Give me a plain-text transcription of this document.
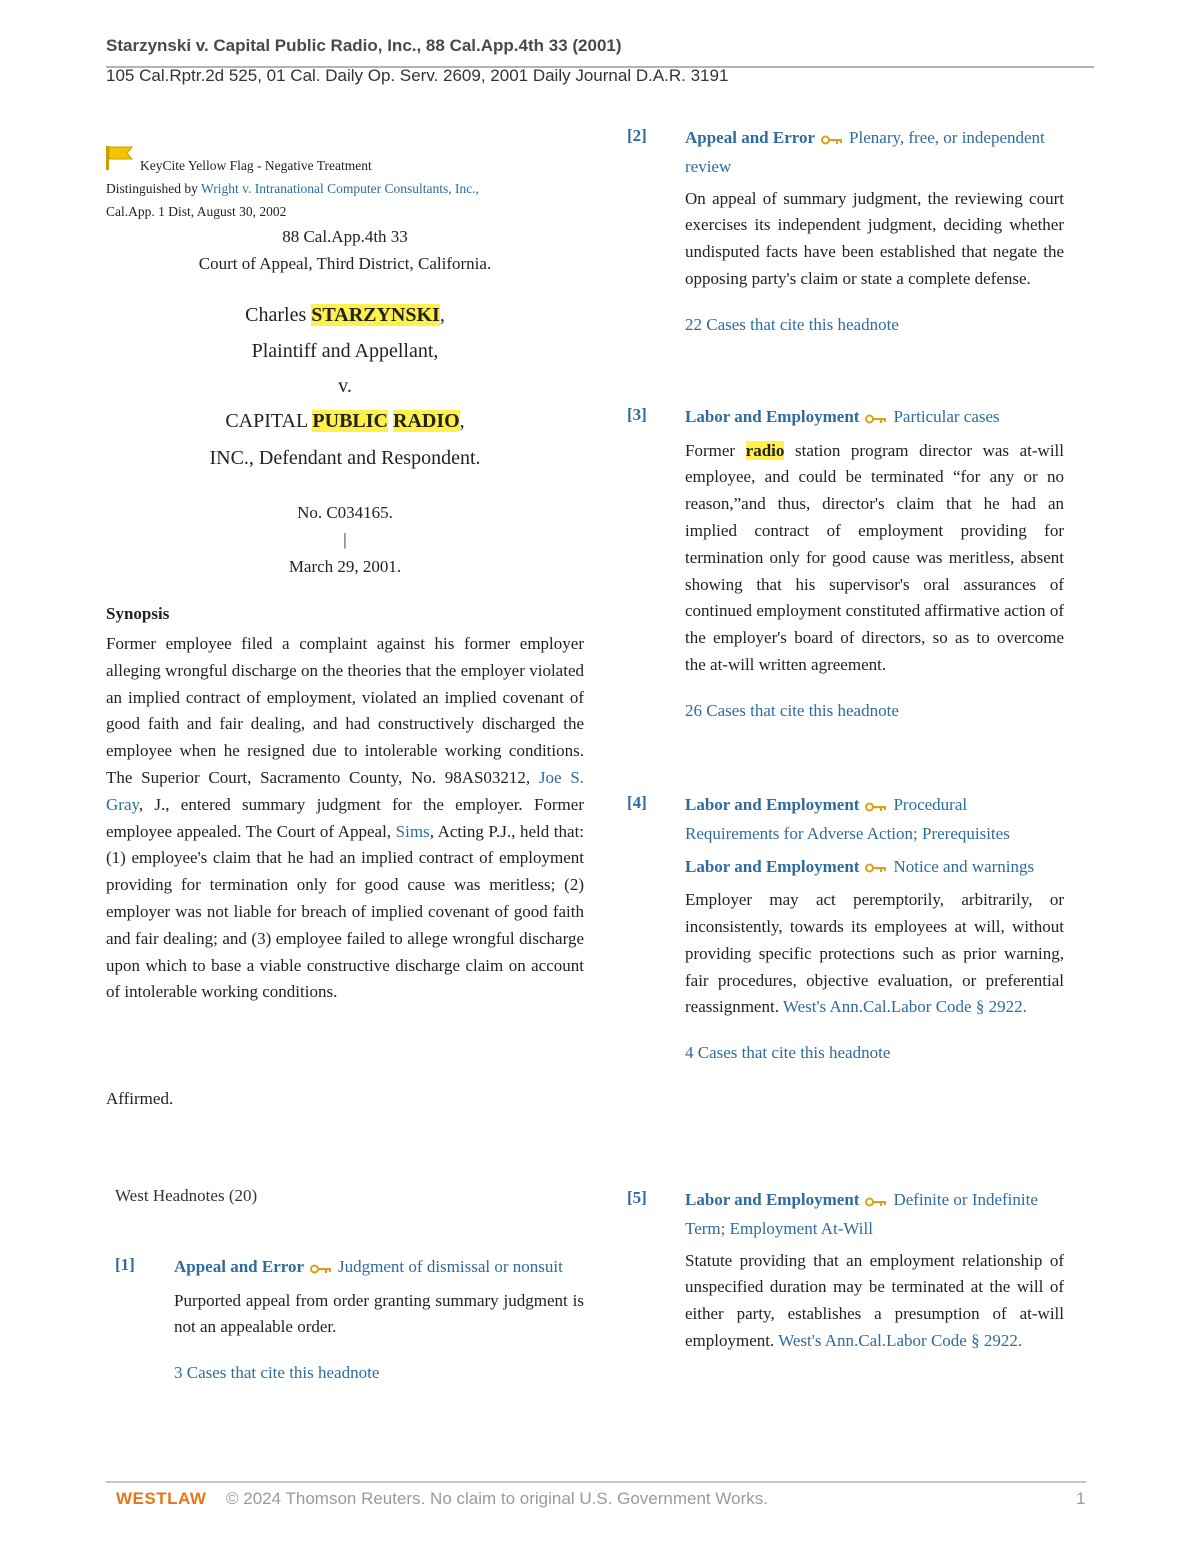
Starzynski v. Capital Public Radio, Inc., 88 Cal.App.4th 33 (2001)
105 Cal.Rptr.2d 525, 01 Cal. Daily Op. Serv. 2609, 2001 Daily Journal D.A.R. 3191
KeyCite Yellow Flag - Negative Treatment
Distinguished by Wright v. Intranational Computer Consultants, Inc.,
Cal.App. 1 Dist, August 30, 2002
88 Cal.App.4th 33
Court of Appeal, Third District, California.
Charles STARZYNSKI,
Plaintiff and Appellant,
v.
CAPITAL PUBLIC RADIO,
INC., Defendant and Respondent.
No. C034165.
|
March 29, 2001.
Synopsis
Former employee filed a complaint against his former employer alleging wrongful discharge on the theories that the employer violated an implied contract of employment, violated an implied covenant of good faith and fair dealing, and had constructively discharged the employee when he resigned due to intolerable working conditions. The Superior Court, Sacramento County, No. 98AS03212, Joe S. Gray, J., entered summary judgment for the employer. Former employee appealed. The Court of Appeal, Sims, Acting P.J., held that: (1) employee's claim that he had an implied contract of employment providing for termination only for good cause was meritless; (2) employer was not liable for breach of implied covenant of good faith and fair dealing; and (3) employee failed to allege wrongful discharge upon which to base a viable constructive discharge claim on account of intolerable working conditions.
Affirmed.
West Headnotes (20)
[1] Appeal and Error Judgment of dismissal or nonsuit
Purported appeal from order granting summary judgment is not an appealable order.
3 Cases that cite this headnote
[2] Appeal and Error Plenary, free, or independent review
On appeal of summary judgment, the reviewing court exercises its independent judgment, deciding whether undisputed facts have been established that negate the opposing party's claim or state a complete defense.
22 Cases that cite this headnote
[3] Labor and Employment Particular cases
Former radio station program director was at-will employee, and could be terminated “for any or no reason,”and thus, director's claim that he had an implied contract of employment providing for termination only for good cause was meritless, absent showing that his supervisor's oral assurances of continued employment constituted affirmative action of the employer's board of directors, so as to overcome the at-will written agreement.
26 Cases that cite this headnote
[4] Labor and Employment Procedural Requirements for Adverse Action; Prerequisites
Labor and Employment Notice and warnings
Employer may act peremptorily, arbitrarily, or inconsistently, towards its employees at will, without providing specific protections such as prior warning, fair procedures, objective evaluation, or preferential reassignment. West's Ann.Cal.Labor Code § 2922.
4 Cases that cite this headnote
[5] Labor and Employment Definite or Indefinite Term; Employment At-Will
Statute providing that an employment relationship of unspecified duration may be terminated at the will of either party, establishes a presumption of at-will employment. West's Ann.Cal.Labor Code § 2922.
WESTLAW © 2024 Thomson Reuters. No claim to original U.S. Government Works.	1
